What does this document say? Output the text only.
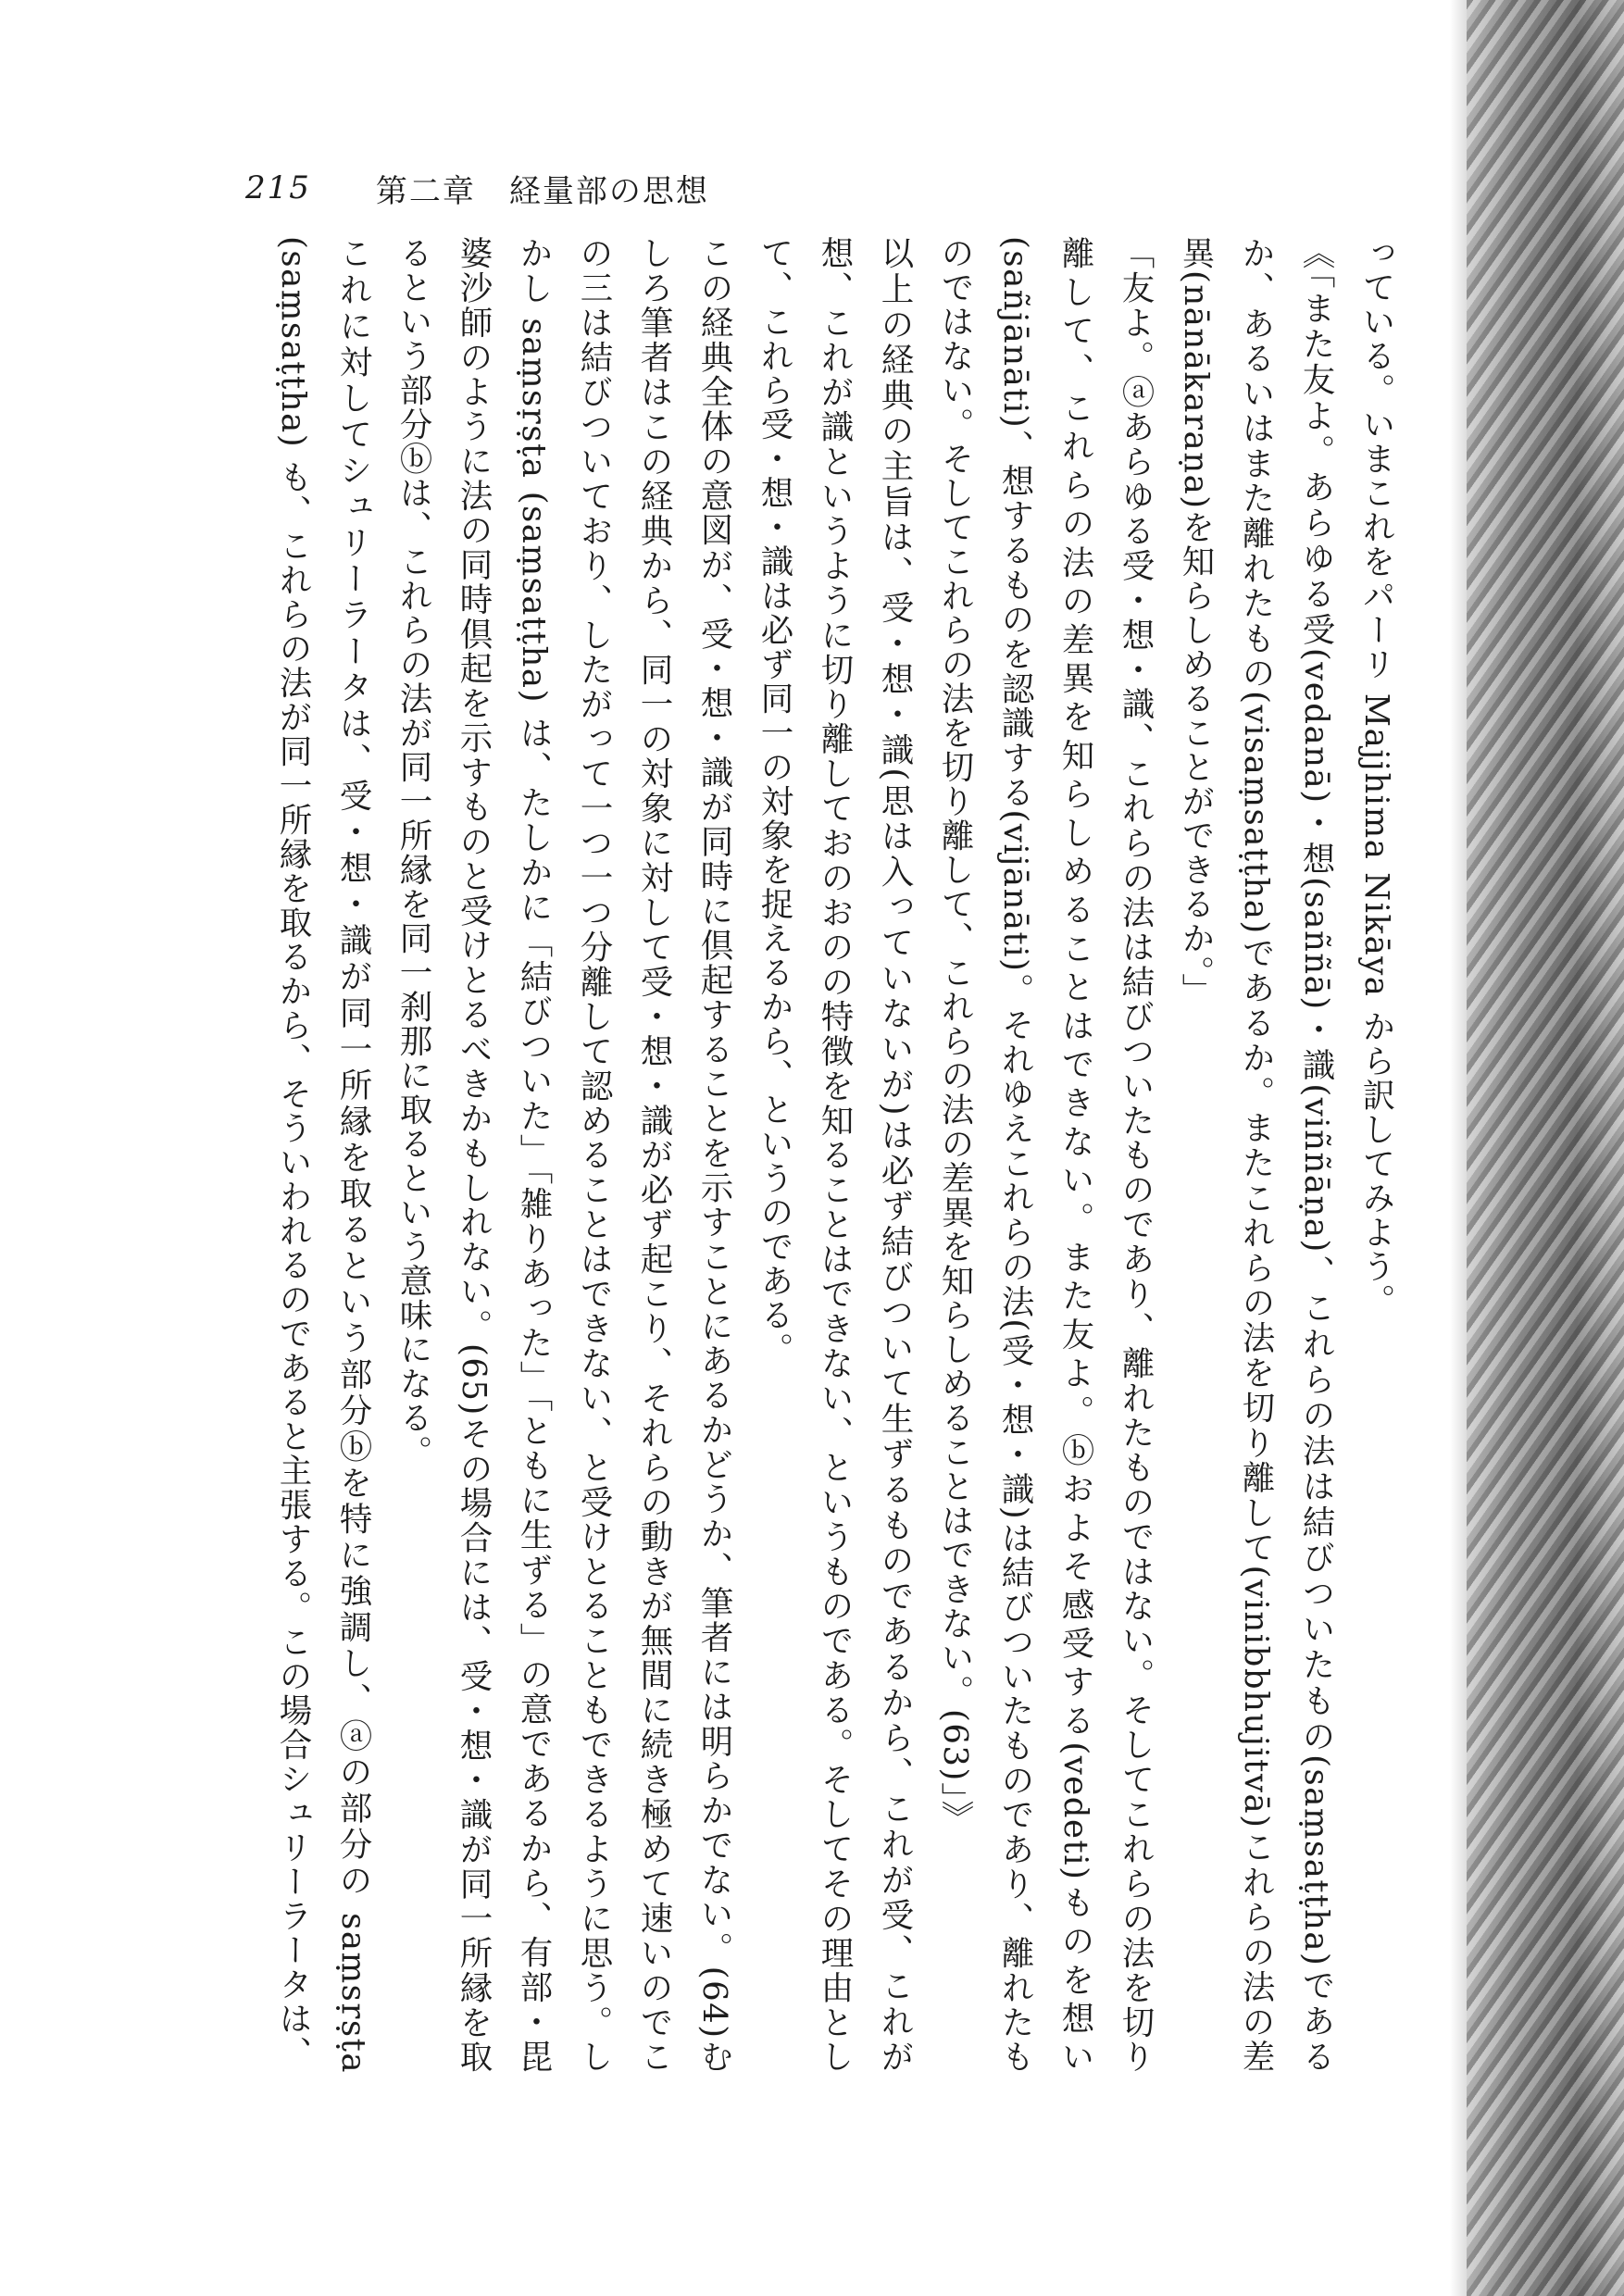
215 第二章　経量部の思想

っている。いまこれをパーリ Majjhima Nikāya から訳してみよう。

《「また友よ。あらゆる受(vedanā)・想(saññā)・識(viññāṇa)、これらの法は結びついたもの(saṃsaṭṭha)であるか、あるいはまた離れたもの(visaṃsaṭṭha)であるか。またこれらの法を切り離して(vinibbhujitvā)これらの法の差異(nānākaraṇa)を知らしめることができるか。」

「友よ。ⓐあらゆる受・想・識、これらの法は結びついたものであり、離れたものではない。そしてこれらの法を切り離して、これらの法の差異を知らしめることはできない。また友よ。ⓑおよそ感受する(vedeti)ものを想い(sañjānāti)、想するものを認識する(vijānāti)。それゆえこれらの法(受・想・識)は結びついたものであり、離れたものではない。そしてこれらの法を切り離して、これらの法の差異を知らしめることはできない。(63)」》

以上の経典の主旨は、受・想・識(思は入っていないが)は必ず結びついて生ずるものであるから、これが受、これが想、これが識というように切り離しておのおのの特徴を知ることはできない、というものである。そしてその理由として、これら受・想・識は必ず同一の対象を捉えるから、というのである。

この経典全体の意図が、受・想・識が同時に倶起することを示すことにあるかどうか、筆者には明らかでない。(64)むしろ筆者はこの経典から、同一の対象に対して受・想・識が必ず起こり、それらの動きが無間に続き極めて速いのでこの三は結びついており、したがって一つ一つ分離して認めることはできない、と受けとることもできるように思う。しかし saṃsṛṣṭa (saṃsaṭṭha) は、たしかに「結びついた」「雑りあった」「ともに生ずる」の意であるから、有部・毘婆沙師のように法の同時倶起を示すものと受けとるべきかもしれない。(65)その場合には、受・想・識が同一所縁を取るという部分ⓑは、これらの法が同一所縁を同一刹那に取るという意味になる。

これに対してシュリーラータは、受・想・識が同一所縁を取るという部分ⓑを特に強調し、ⓐの部分の saṃsṛṣṭa (saṃsaṭṭha) も、これらの法が同一所縁を取るから、そういわれるのであると主張する。この場合シュリーラータは、
